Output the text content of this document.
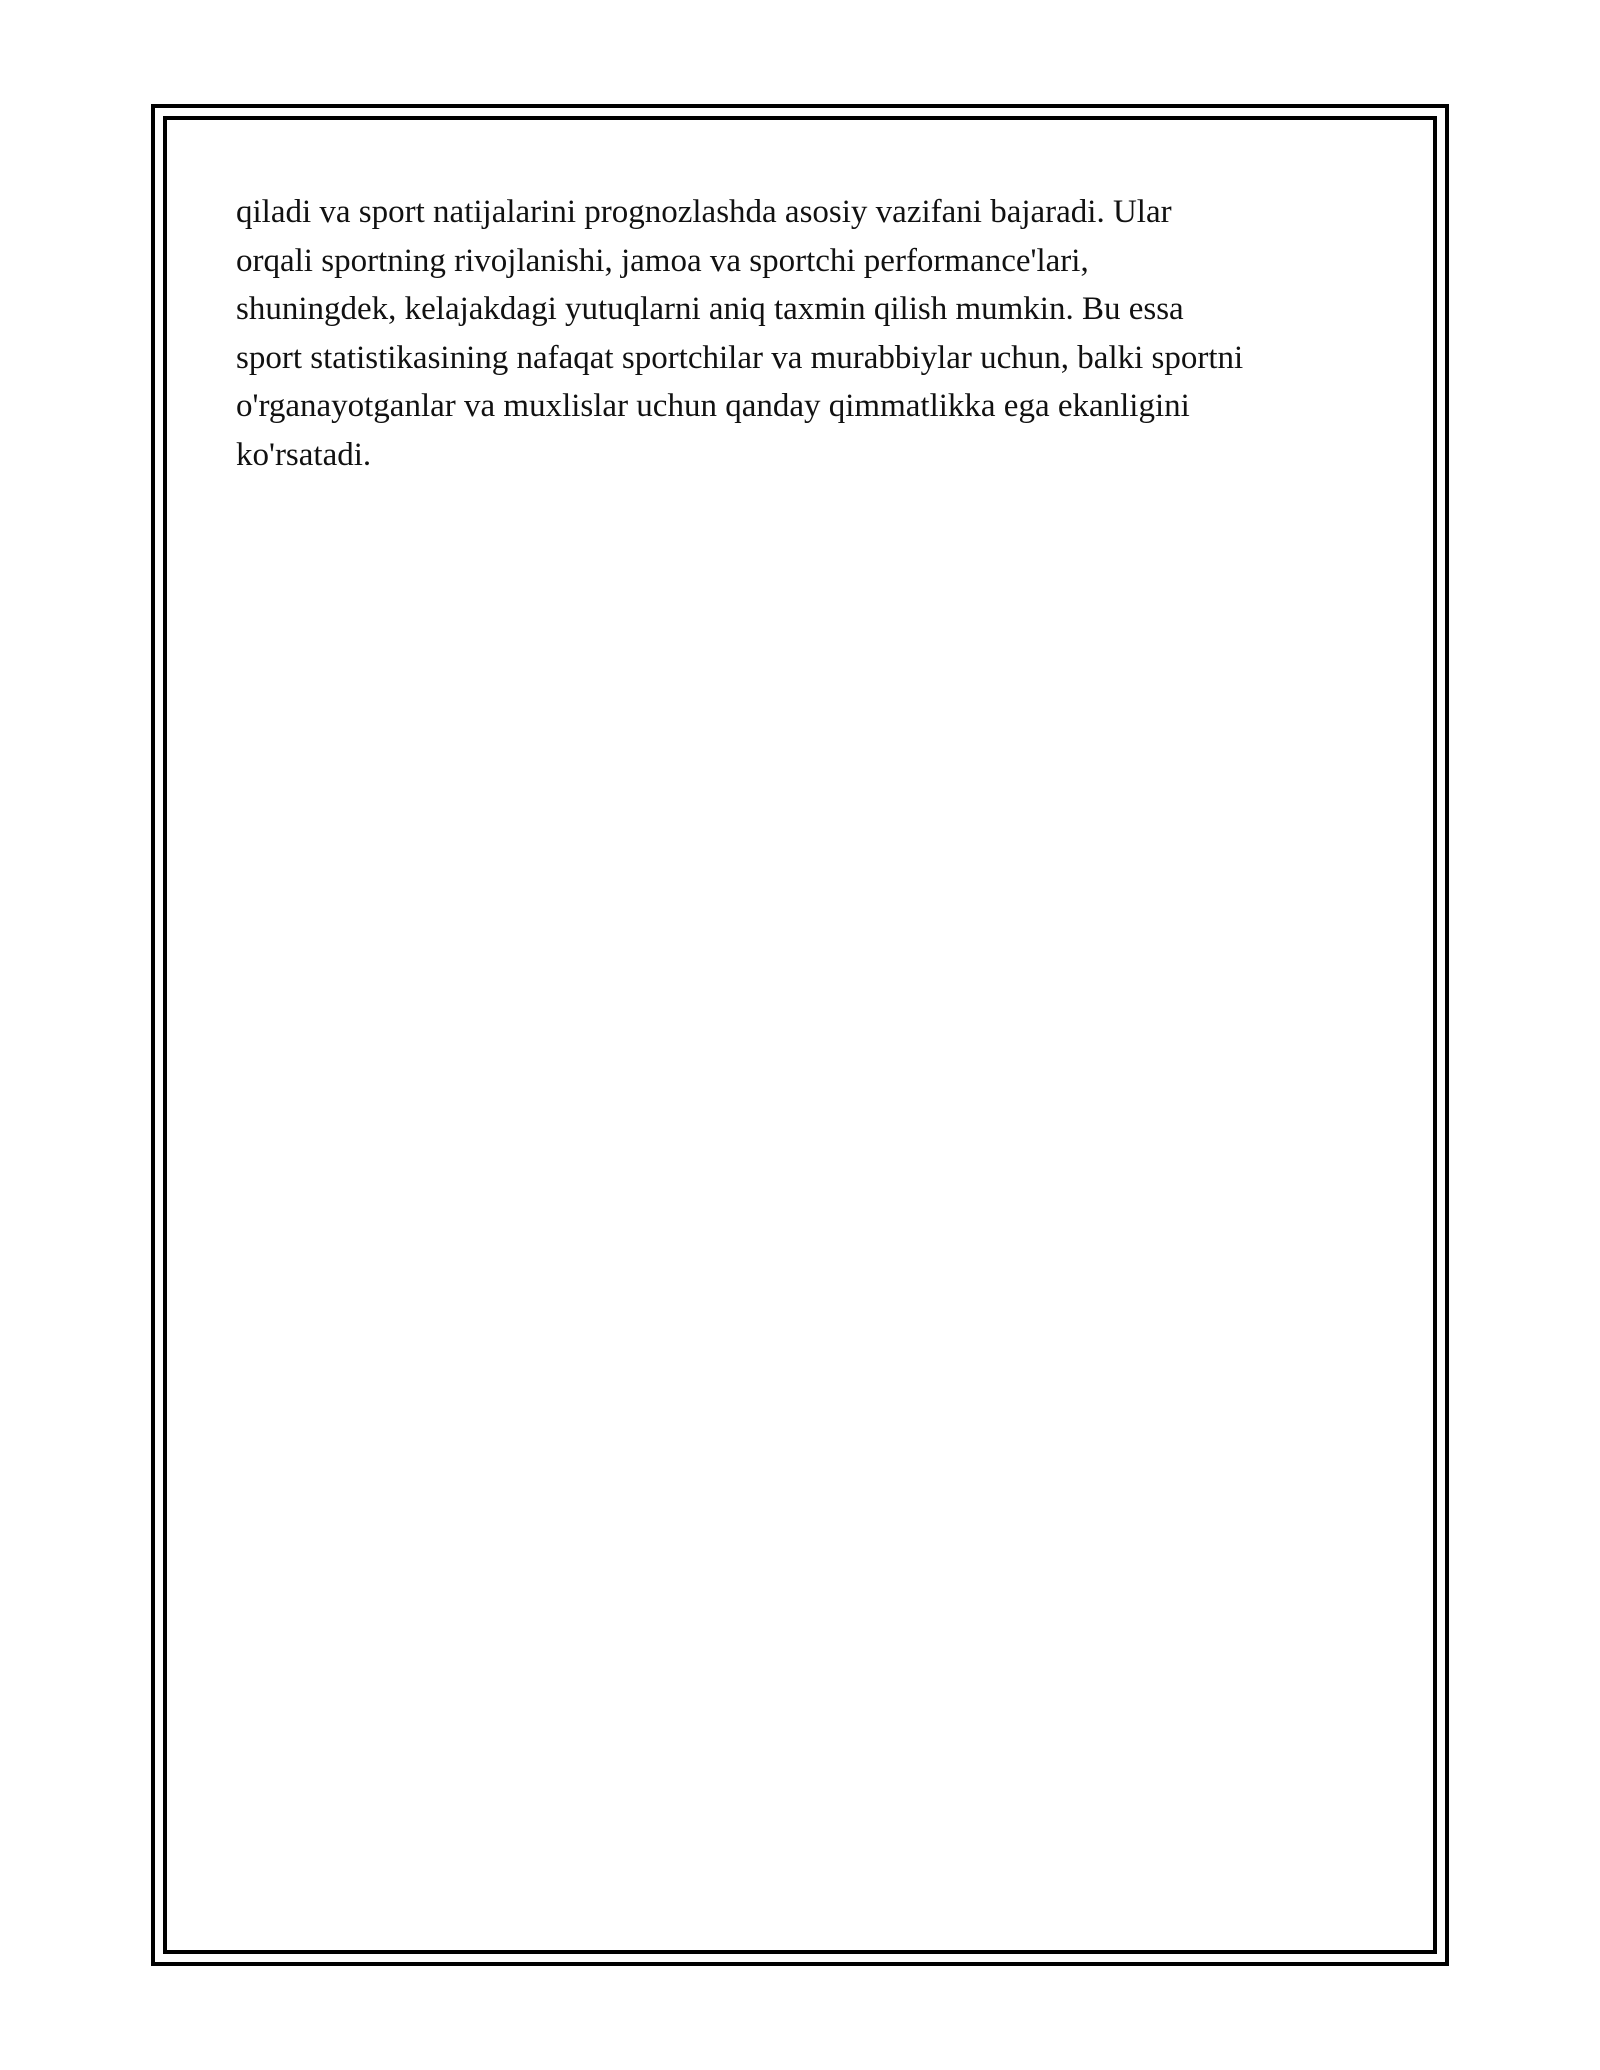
qiladi va sport natijalarini prognozlashda asosiy vazifani bajaradi. Ular
orqali sportning rivojlanishi, jamoa va sportchi performance'lari,
shuningdek, kelajakdagi yutuqlarni aniq taxmin qilish mumkin. Bu essa
sport statistikasining nafaqat sportchilar va murabbiylar uchun, balki sportni
o'rganayotganlar va muxlislar uchun qanday qimmatlikka ega ekanligini
ko'rsatadi.
